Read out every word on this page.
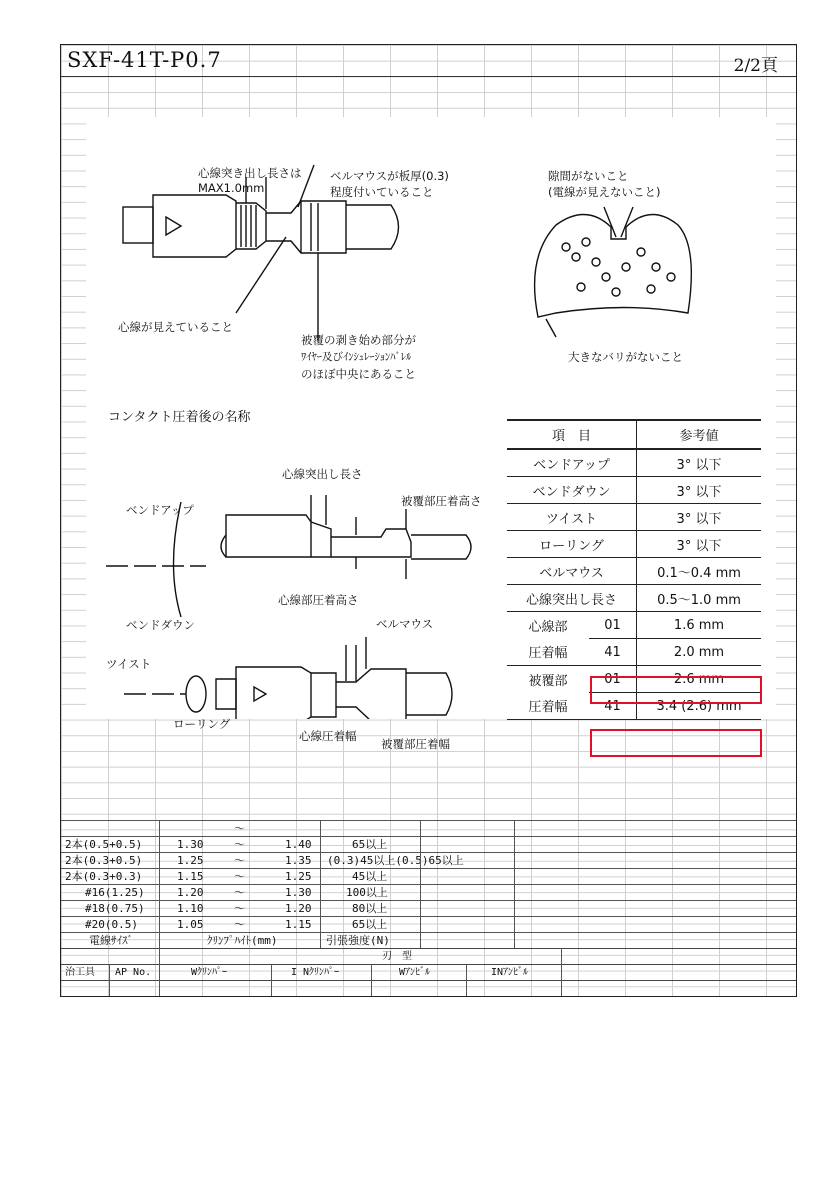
SXF-41T-P0.7	2/2頁
心線突き出し長さは
MAX1.0mm
ベルマウスが板厚(0.3)
程度付いていること
心線が見えていること
被覆の剥き始め部分が
ﾜｲﾔｰ及びｲﾝｼｭﾚｰｼｮﾝﾊﾞﾚﾙ
のほぼ中央にあること
隙間がないこと
(電線が見えないこと)
大きなバリがないこと
コンタクト圧着後の名称
心線突出し長さ
被覆部圧着高さ
ベンドアップ
ベンドダウン
心線部圧着高さ
ベルマウス
ツイスト
ローリング
心線圧着幅
被覆部圧着幅
項　目		参考値
ベンドアップ		3° 以下
ベンドダウン		3° 以下
ツイスト		3° 以下
ローリング		3° 以下
ベルマウス		0.1～0.4 mm
心線突出し長さ		0.5～1.0 mm
心線部	01	1.6 mm
圧着幅	41	2.0 mm
被覆部	01	2.6 mm
圧着幅	41	3.4 (2.6) mm
～
2本(0.5+0.5)	1.30	～	1.40	65以上
2本(0.3+0.5)	1.25	～	1.35 (0.3)45以上(0.5)65以上
2本(0.3+0.3)	1.15	～	1.25	45以上
#16(1.25)	1.20	～	1.30	100以上
#18(0.75)	1.10	～	1.20	80以上
#20(0.5)	1.05	～	1.15	65以上
電線ｻｲｽﾞ	ｸﾘﾝﾌﾟﾊｲﾄ(mm)	引張強度(N)
刃　型
治工具 AP No.	Wｸﾘﾝﾊﾟｰ	I Nｸﾘﾝﾊﾟｰ	Wｱﾝﾋﾞﾙ	INｱﾝﾋﾞﾙ
